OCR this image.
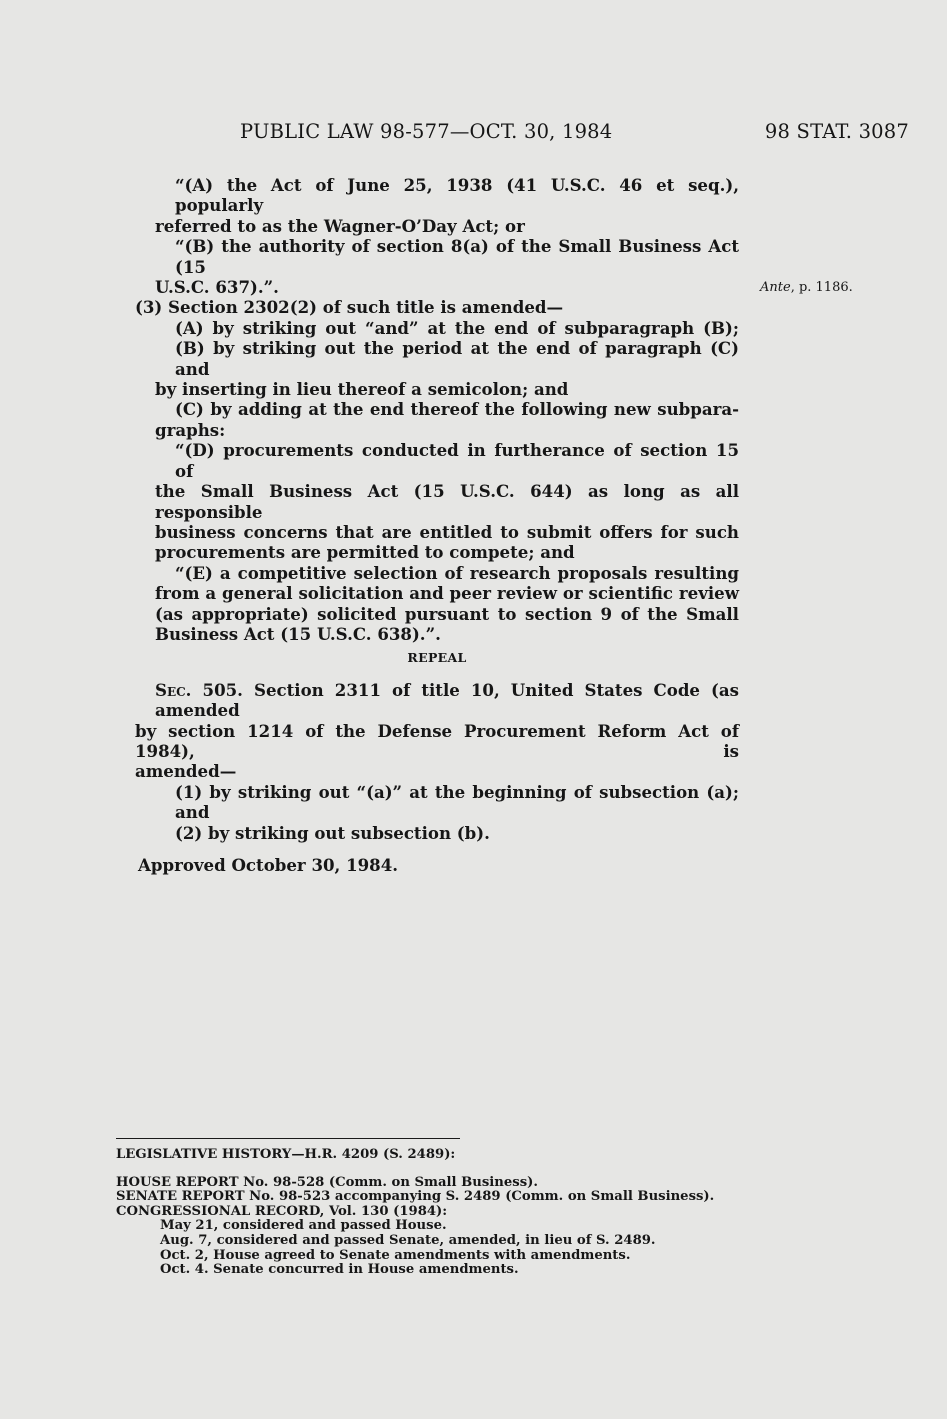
PUBLIC LAW 98-577—OCT. 30, 1984	98 STAT. 3087
Ante, p. 1186.

“(A) the Act of June 25, 1938 (41 U.S.C. 46 et seq.), popularly

referred to as the Wagner-O’Day Act; or

“(B) the authority of section 8(a) of the Small Business Act (15

U.S.C. 637).”.

(3) Section 2302(2) of such title is amended—

(A) by striking out “and” at the end of subparagraph (B);

(B) by striking out the period at the end of paragraph (C) and

by inserting in lieu thereof a semicolon; and

(C) by adding at the end thereof the following new subpara-

graphs:

“(D) procurements conducted in furtherance of section 15 of

the Small Business Act (15 U.S.C. 644) as long as all responsible

business concerns that are entitled to submit offers for such

procurements are permitted to compete; and

“(E) a competitive selection of research proposals resulting

from a general solicitation and peer review or scientific review

(as appropriate) solicited pursuant to section 9 of the Small

Business Act (15 U.S.C. 638).”.

REPEAL

Sec. 505. Section 2311 of title 10, United States Code (as amended

by section 1214 of the Defense Procurement Reform Act of 1984), is

amended—

(1) by striking out “(a)” at the beginning of subsection (a); and

(2) by striking out subsection (b).

Approved October 30, 1984.

LEGISLATIVE HISTORY—H.R. 4209 (S. 2489):

HOUSE REPORT No. 98-528 (Comm. on Small Business).

SENATE REPORT No. 98-523 accompanying S. 2489 (Comm. on Small Business).

CONGRESSIONAL RECORD, Vol. 130 (1984):

May 21, considered and passed House.

Aug. 7, considered and passed Senate, amended, in lieu of S. 2489.

Oct. 2, House agreed to Senate amendments with amendments.

Oct. 4. Senate concurred in House amendments.
